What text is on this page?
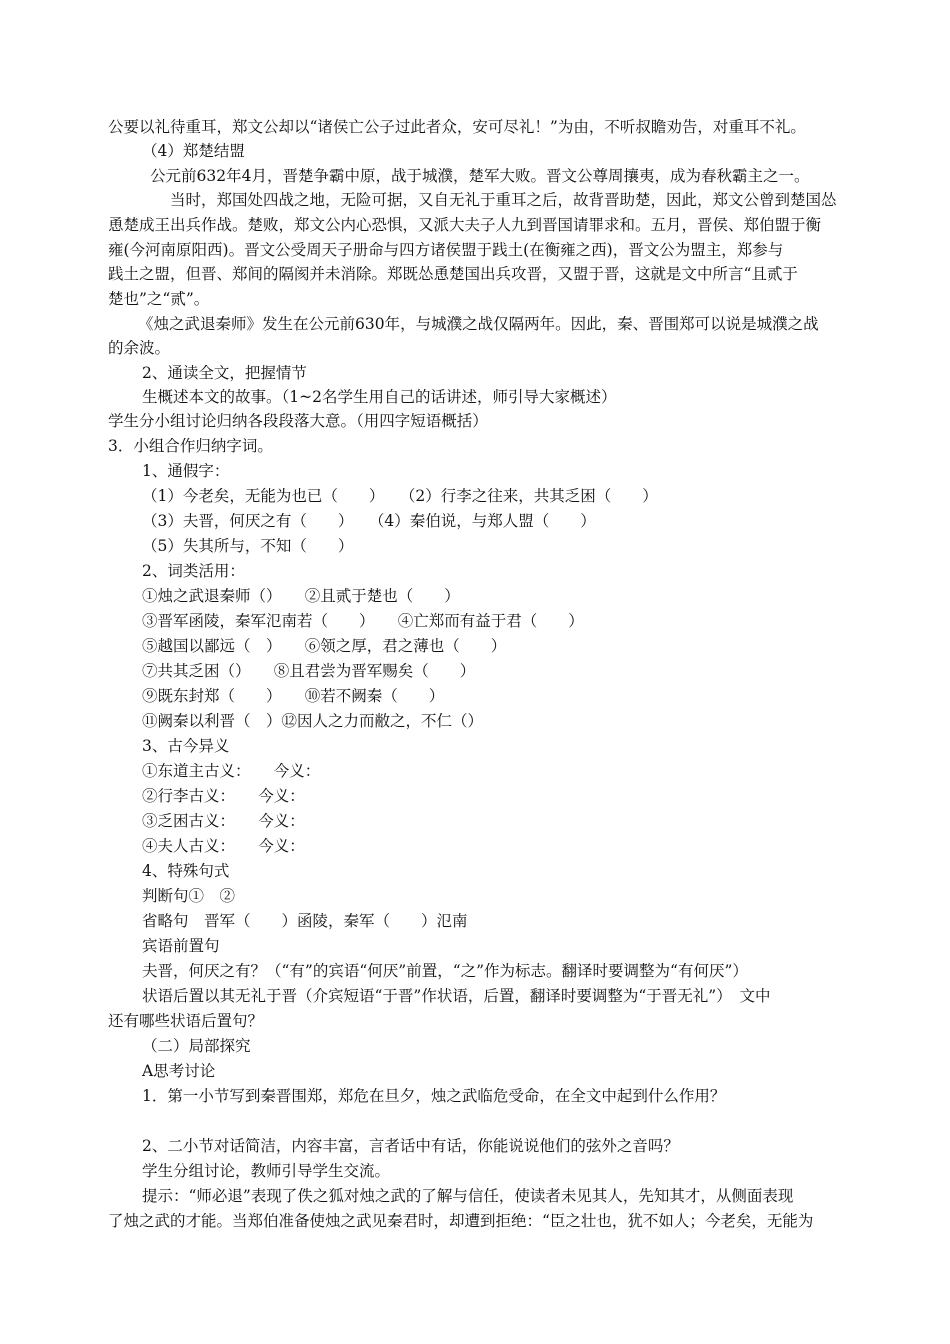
公要以礼待重耳，郑文公却以“诸侯亡公子过此者众，安可尽礼！”为由，不听叔瞻劝告，对重耳不礼。
（4）郑楚结盟
公元前632年4月，晋楚争霸中原，战于城濮，楚军大败。晋文公尊周攘夷，成为春秋霸主之一。
当时，郑国处四战之地，无险可据，又自无礼于重耳之后，故背晋助楚，因此，郑文公曾到楚国怂
恿楚成王出兵作战。楚败，郑文公内心恐惧，又派大夫子人九到晋国请罪求和。五月，晋侯、郑伯盟于衡
雍(今河南原阳西)。晋文公受周天子册命与四方诸侯盟于践土(在衡雍之西)，晋文公为盟主，郑参与
践土之盟，但晋、郑间的隔阂并未消除。郑既怂恿楚国出兵攻晋，又盟于晋，这就是文中所言“且贰于
楚也”之“贰”。
《烛之武退秦师》发生在公元前630年，与城濮之战仅隔两年。因此，秦、晋围郑可以说是城濮之战
的余波。
2、通读全文，把握情节
生概述本文的故事。（1~2名学生用自己的话讲述，师引导大家概述）
学生分小组讨论归纳各段段落大意。（用四字短语概括）
3．小组合作归纳字词。
1、通假字：
（1）今老矣，无能为也已（　　）　　（2）行李之往来，共其乏困（　　）
（3）夫晋，何厌之有（　　）　　（4）秦伯说，与郑人盟（　　）
（5）失其所与，不知（　　）
2、词类活用：
①烛之武退秦师（）　　②且贰于楚也（　　）
③晋军函陵，秦军氾南若（　　）　　④亡郑而有益于君（　　）
⑤越国以鄙远（　）　　⑥领之厚，君之薄也（　　）
⑦共其乏困（）　　⑧且君尝为晋军赐矣（　　）
⑨既东封郑（　　）　　⑩若不阙秦（　　）
⑪阙秦以利晋（　）⑫因人之力而敝之，不仁（）
3、古今异义
①东道主古义：　　今义：
②行李古义：　　今义：
③乏困古义：　　今义：
④夫人古义：　　今义：
4、特殊句式
判断句①　②
省略句　晋军（　　）函陵，秦军（　　）氾南
宾语前置句
夫晋，何厌之有？（“有”的宾语“何厌”前置，“之”作为标志。翻译时要调整为“有何厌”）
状语后置以其无礼于晋（介宾短语“于晋”作状语，后置，翻译时要调整为“于晋无礼”）　文中
还有哪些状语后置句？
（二）局部探究
A思考讨论
1．第一小节写到秦晋围郑，郑危在旦夕，烛之武临危受命，在全文中起到什么作用？
2、二小节对话简洁，内容丰富，言者话中有话，你能说说他们的弦外之音吗？
学生分组讨论，教师引导学生交流。
提示：“师必退”表现了佚之狐对烛之武的了解与信任，使读者未见其人，先知其才，从侧面表现
了烛之武的才能。当郑伯准备使烛之武见秦君时，却遭到拒绝：“臣之壮也，犹不如人；今老矣，无能为
